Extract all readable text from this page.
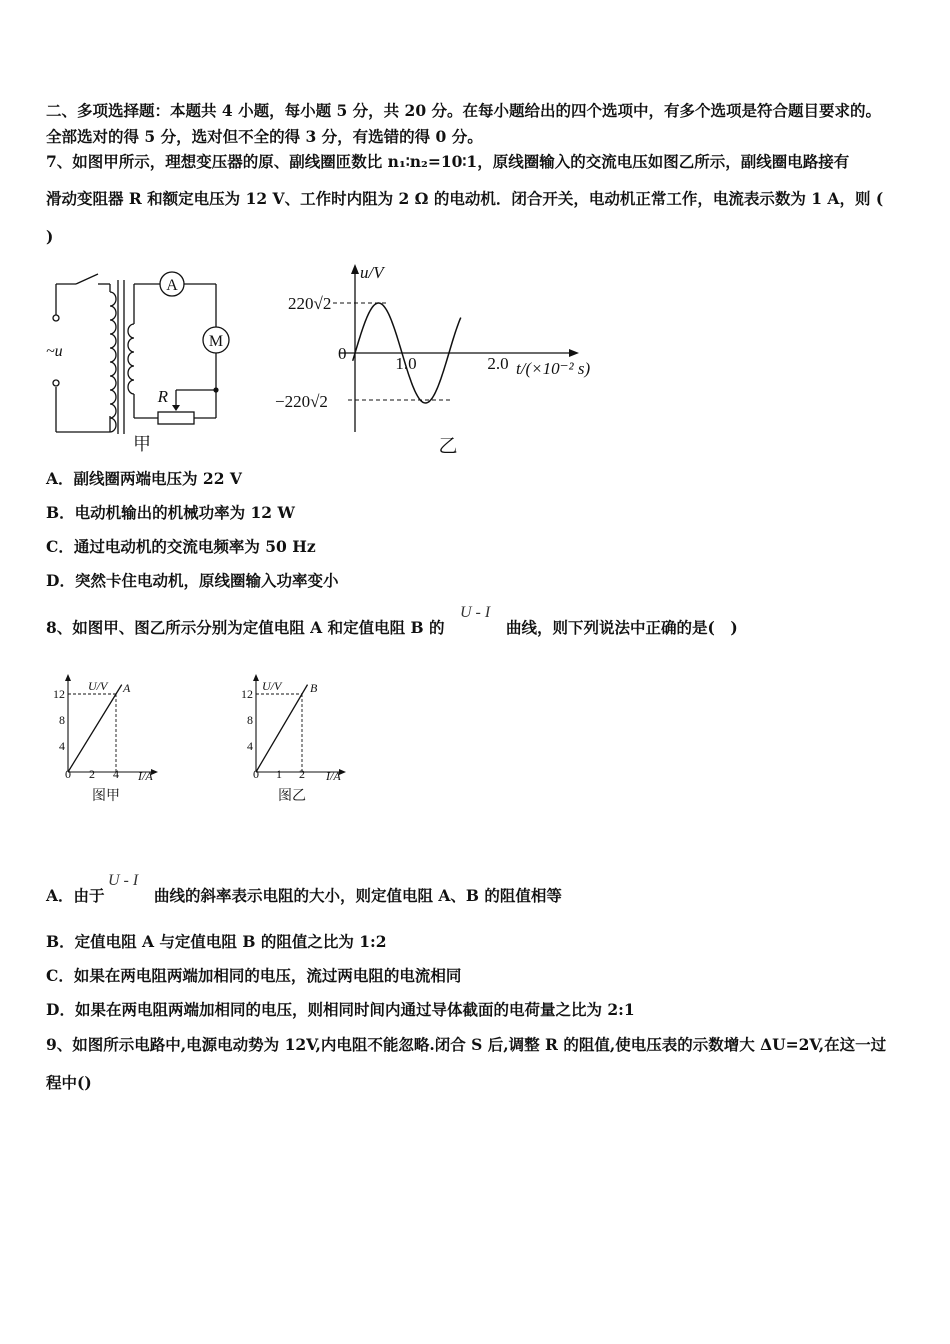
二、多项选择题：本题共 4 小题，每小题 5 分，共 20 分。在每小题给出的四个选项中，有多个选项是符合题目要求的。
全部选对的得 5 分，选对但不全的得 3 分，有选错的得 0 分。
7、如图甲所示，理想变压器的原、副线圈匝数比 n₁∶n₂=10∶1，原线圈输入的交流电压如图乙所示，副线圈电路接有
滑动变阻器 R 和额定电压为 12 V、工作时内阻为 2 Ω 的电动机．闭合开关，电动机正常工作，电流表示数为 1 A，则 (
)
A
M
R
~u
甲
u/V
220√2
−220√2
0
1.0	2.0 t/(×10⁻² s)
乙
A．副线圈两端电压为 22 V
B．电动机输出的机械功率为 12 W
C．通过电动机的交流电频率为 50 Hz
D．突然卡住电动机，原线圈输入功率变小
8、如图甲、图乙所示分别为定值电阻 A 和定值电阻 B 的
U - I
曲线，则下列说法中正确的是(　)
U/V A
12
8
4
0 2 4 I/A
图甲
U/V B
12
8
4
0 1 2 I/A
图乙
A．由于
U - I
曲线的斜率表示电阻的大小，则定值电阻 A、B 的阻值相等
B．定值电阻 A 与定值电阻 B 的阻值之比为 1:2
C．如果在两电阻两端加相同的电压，流过两电阻的电流相同
D．如果在两电阻两端加相同的电压，则相同时间内通过导体截面的电荷量之比为 2:1
9、如图所示电路中,电源电动势为 12V,内电阻不能忽略.闭合 S 后,调整 R 的阻值,使电压表的示数增大 ΔU=2V,在这一过
程中()
